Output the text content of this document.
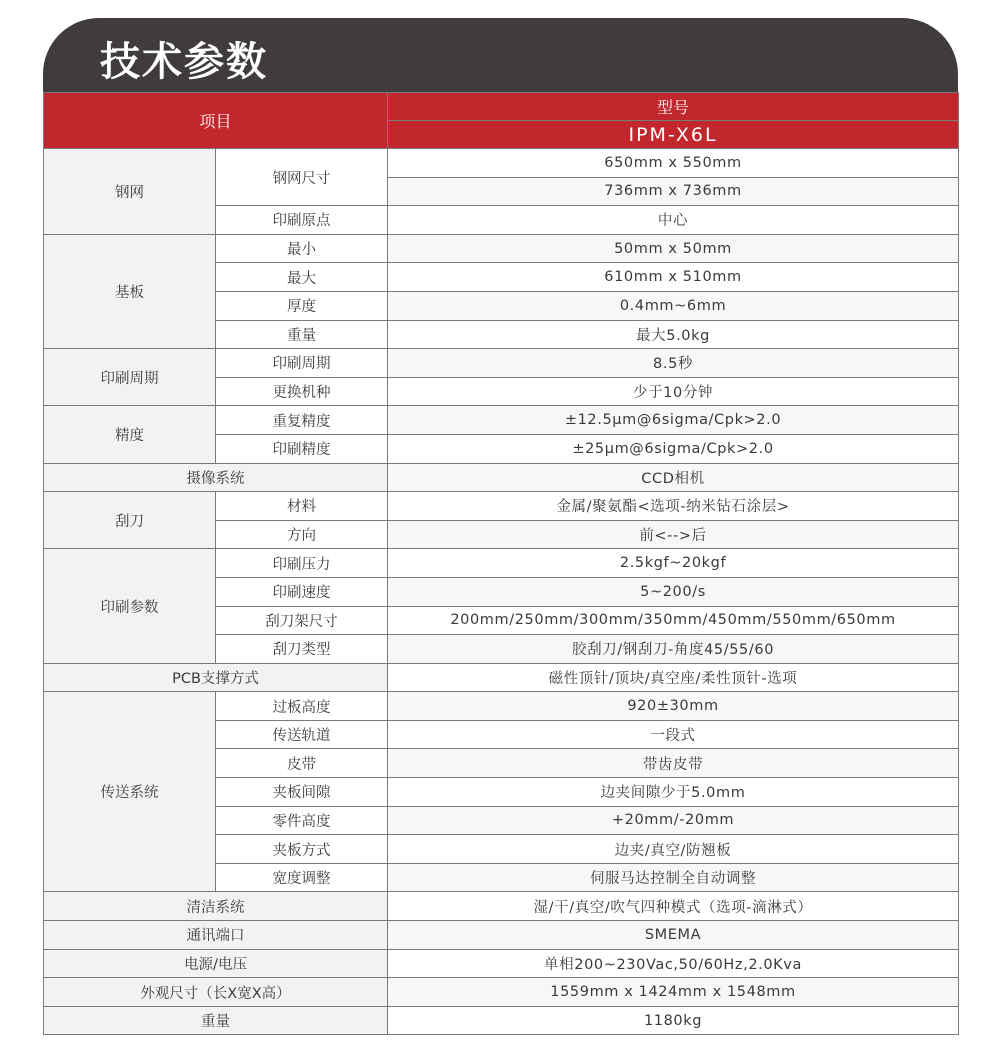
技术参数
项目		型号
		IPM-X6L
钢网	钢网尺寸	650mm x 550mm
		736mm x 736mm
	印刷原点	中心
基板	最小	50mm x 50mm
	最大	610mm x 510mm
	厚度	0.4mm~6mm
	重量	最大5.0kg
印刷周期	印刷周期	8.5秒
	更换机种	少于10分钟
精度	重复精度	±12.5μm@6sigma/Cpk>2.0
	印刷精度	±25μm@6sigma/Cpk>2.0
摄像系统		CCD相机
刮刀	材料	金属/聚氨酯<选项-纳米钻石涂层>
	方向	前<-->后
印刷参数	印刷压力	2.5kgf~20kgf
	印刷速度	5~200/s
	刮刀架尺寸	200mm/250mm/300mm/350mm/450mm/550mm/650mm
	刮刀类型	胶刮刀/钢刮刀-角度45/55/60
PCB支撑方式		磁性顶针/顶块/真空座/柔性顶针-选项
传送系统	过板高度	920±30mm
	传送轨道	一段式
	皮带	带齿皮带
	夹板间隙	边夹间隙少于5.0mm
	零件高度	+20mm/-20mm
	夹板方式	边夹/真空/防翘板
	宽度调整	伺服马达控制全自动调整
清洁系统		湿/干/真空/吹气四种模式（选项-滴淋式）
通讯端口		SMEMA
电源/电压		单相200~230Vac,50/60Hz,2.0Kva
外观尺寸（长X宽X高）		1559mm x 1424mm x 1548mm
重量		1180kg
